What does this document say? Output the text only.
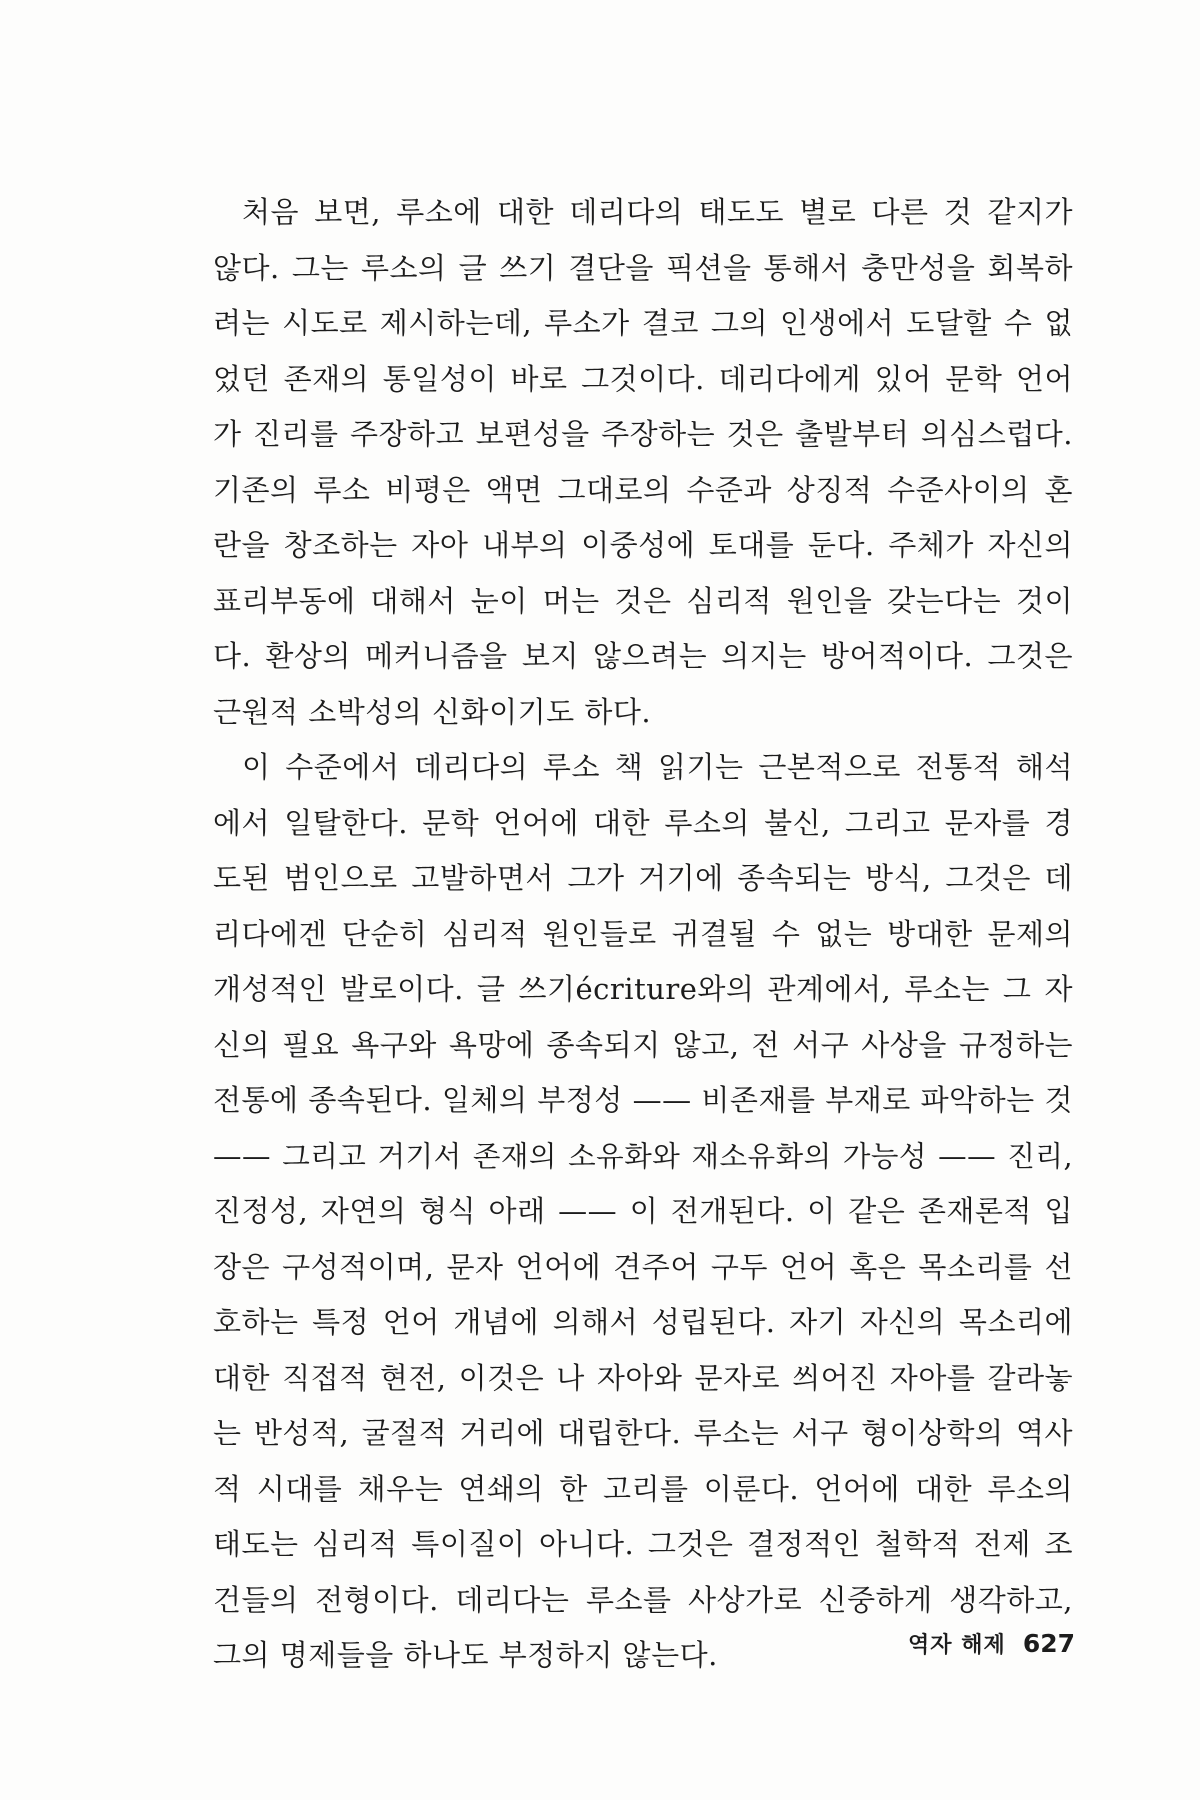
처음 보면, 루소에 대한 데리다의 태도도 별로 다른 것 같지가
않다. 그는 루소의 글 쓰기 결단을 픽션을 통해서 충만성을 회복하
려는 시도로 제시하는데, 루소가 결코 그의 인생에서 도달할 수 없
었던 존재의 통일성이 바로 그것이다. 데리다에게 있어 문학 언어
가 진리를 주장하고 보편성을 주장하는 것은 출발부터 의심스럽다.
기존의 루소 비평은 액면 그대로의 수준과 상징적 수준사이의 혼
란을 창조하는 자아 내부의 이중성에 토대를 둔다. 주체가 자신의
표리부동에 대해서 눈이 머는 것은 심리적 원인을 갖는다는 것이
다. 환상의 메커니즘을 보지 않으려는 의지는 방어적이다. 그것은
근원적 소박성의 신화이기도 하다.
이 수준에서 데리다의 루소 책 읽기는 근본적으로 전통적 해석
에서 일탈한다. 문학 언어에 대한 루소의 불신, 그리고 문자를 경
도된 범인으로 고발하면서 그가 거기에 종속되는 방식, 그것은 데
리다에겐 단순히 심리적 원인들로 귀결될 수 없는 방대한 문제의
개성적인 발로이다. 글 쓰기écriture와의 관계에서, 루소는 그 자
신의 필요 욕구와 욕망에 종속되지 않고, 전 서구 사상을 규정하는
전통에 종속된다. 일체의 부정성 —— 비존재를 부재로 파악하는 것
—— 그리고 거기서 존재의 소유화와 재소유화의 가능성 —— 진리,
진정성, 자연의 형식 아래 —— 이 전개된다. 이 같은 존재론적 입
장은 구성적이며, 문자 언어에 견주어 구두 언어 혹은 목소리를 선
호하는 특정 언어 개념에 의해서 성립된다. 자기 자신의 목소리에
대한 직접적 현전, 이것은 나 자아와 문자로 씌어진 자아를 갈라놓
는 반성적, 굴절적 거리에 대립한다. 루소는 서구 형이상학의 역사
적 시대를 채우는 연쇄의 한 고리를 이룬다. 언어에 대한 루소의
태도는 심리적 특이질이 아니다. 그것은 결정적인 철학적 전제 조
건들의 전형이다. 데리다는 루소를 사상가로 신중하게 생각하고,
그의 명제들을 하나도 부정하지 않는다.	역자 해제 627
